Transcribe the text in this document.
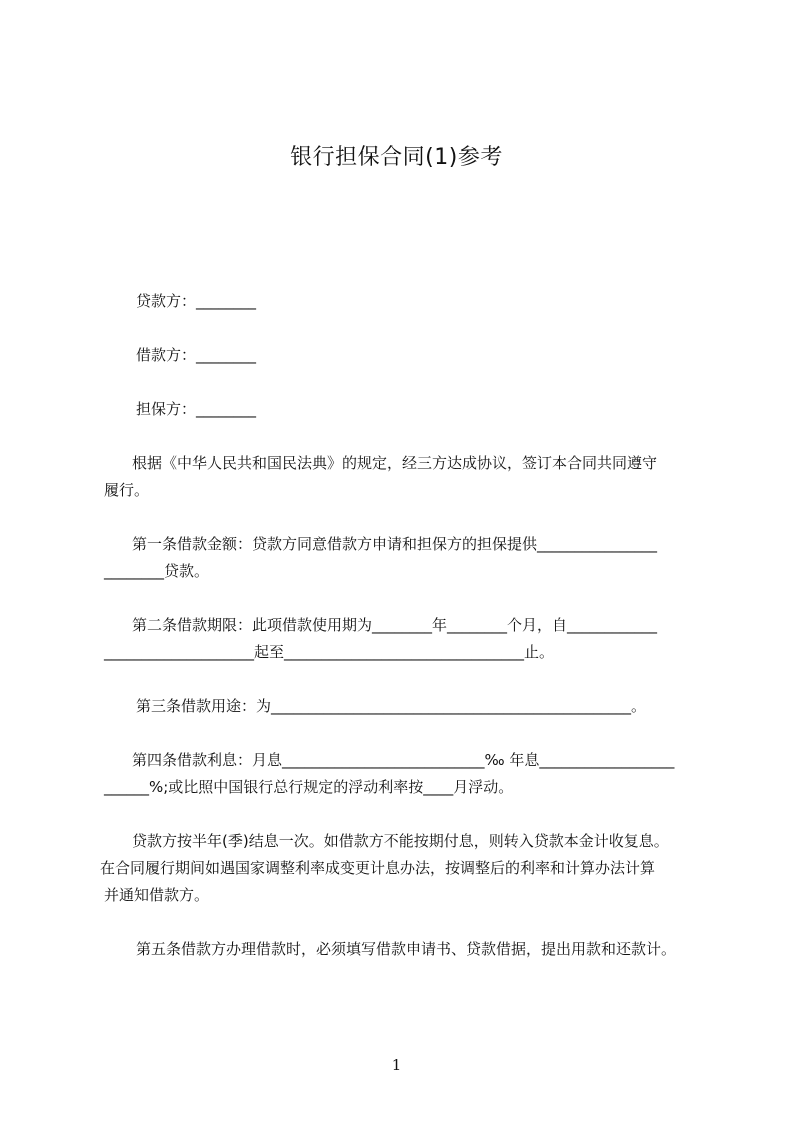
银行担保合同(1)参考
贷款方：________
借款方：________
担保方：________
根据《中华人民共和国民法典》的规定，经三方达成协议，签订本合同共同遵守
履行。
第一条借款金额：贷款方同意借款方申请和担保方的担保提供________________
________贷款。
第二条借款期限：此项借款使用期为________年________个月，自____________
____________________起至________________________________止。
第三条借款用途：为________________________________________________。
第四条借款利息：月息___________________________‰ 年息__________________
______%;或比照中国银行总行规定的浮动利率按____月浮动。
贷款方按半年(季)结息一次。如借款方不能按期付息，则转入贷款本金计收复息。
在合同履行期间如遇国家调整利率成变更计息办法，按调整后的利率和计算办法计算
并通知借款方。
第五条借款方办理借款时，必须填写借款申请书、贷款借据，提出用款和还款计。
1
